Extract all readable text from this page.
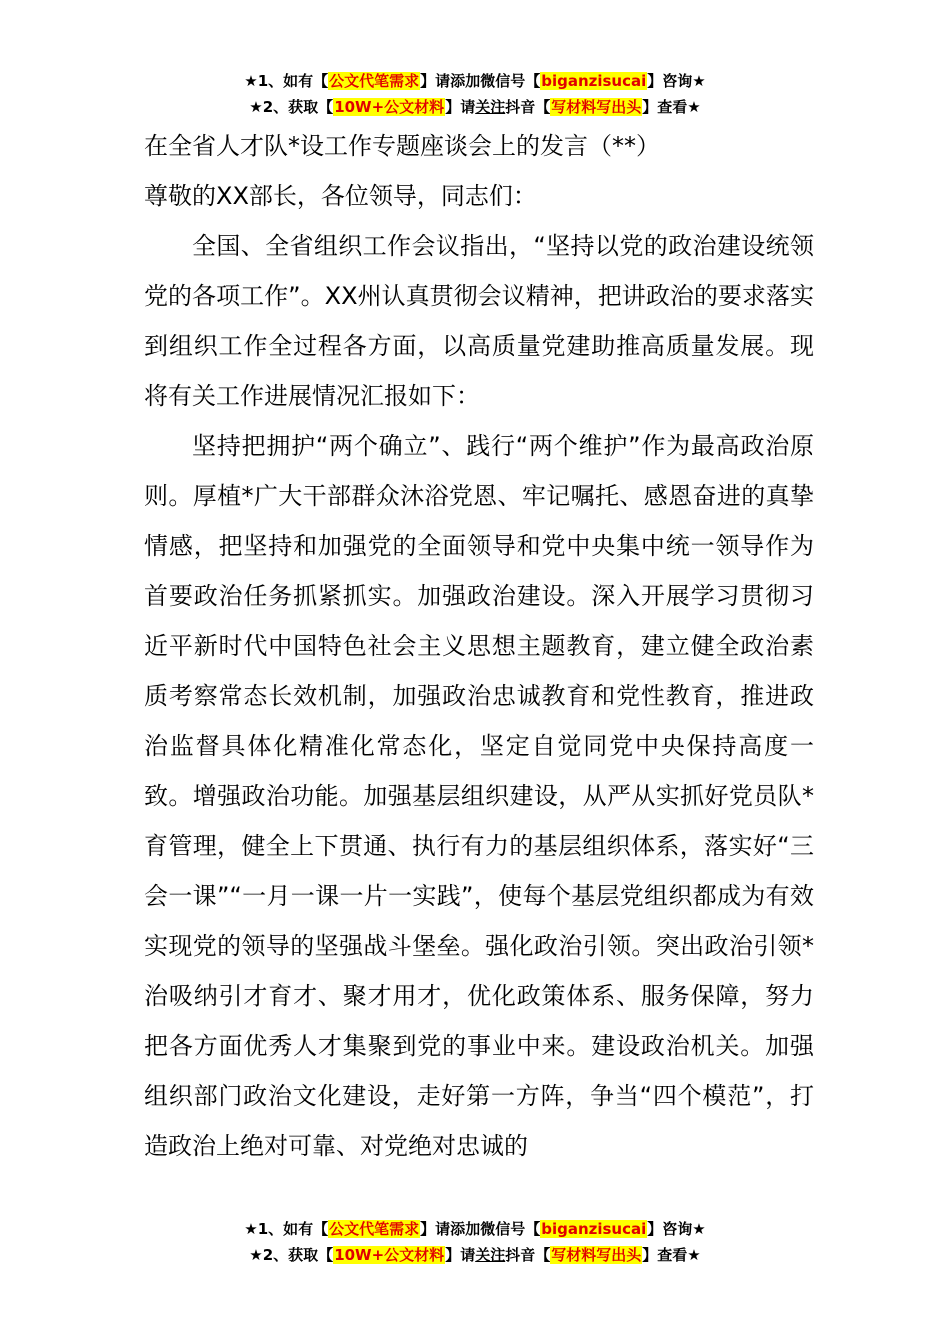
★1、如有【公文代笔需求】请添加微信号【biganzisucai】咨询★
★2、获取【10W+公文材料】请关注抖音【写材料写出头】查看★

在全省人才队*设工作专题座谈会上的发言（**）

尊敬的XX部长，各位领导，同志们：

全国、全省组织工作会议指出，“坚持以党的政治建设统领党的各项工作”。XX州认真贯彻会议精神，把讲政治的要求落实到组织工作全过程各方面，以高质量党建助推高质量发展。现将有关工作进展情况汇报如下：

坚持把拥护“两个确立”、践行“两个维护”作为最高政治原则。厚植*广大干部群众沐浴党恩、牢记嘱托、感恩奋进的真挚情感，把坚持和加强党的全面领导和党中央集中统一领导作为首要政治任务抓紧抓实。加强政治建设。深入开展学习贯彻习近平新时代中国特色社会主义思想主题教育，建立健全政治素质考察常态长效机制，加强政治忠诚教育和党性教育，推进政治监督具体化精准化常态化，坚定自觉同党中央保持高度一致。增强政治功能。加强基层组织建设，从严从实抓好党员队*育管理，健全上下贯通、执行有力的基层组织体系，落实好“三会一课”“一月一课一片一实践”，使每个基层党组织都成为有效实现党的领导的坚强战斗堡垒。强化政治引领。突出政治引领*治吸纳引才育才、聚才用才，优化政策体系、服务保障，努力把各方面优秀人才集聚到党的事业中来。建设政治机关。加强组织部门政治文化建设，走好第一方阵，争当“四个模范”，打造政治上绝对可靠、对党绝对忠诚的

★1、如有【公文代笔需求】请添加微信号【biganzisucai】咨询★
★2、获取【10W+公文材料】请关注抖音【写材料写出头】查看★
